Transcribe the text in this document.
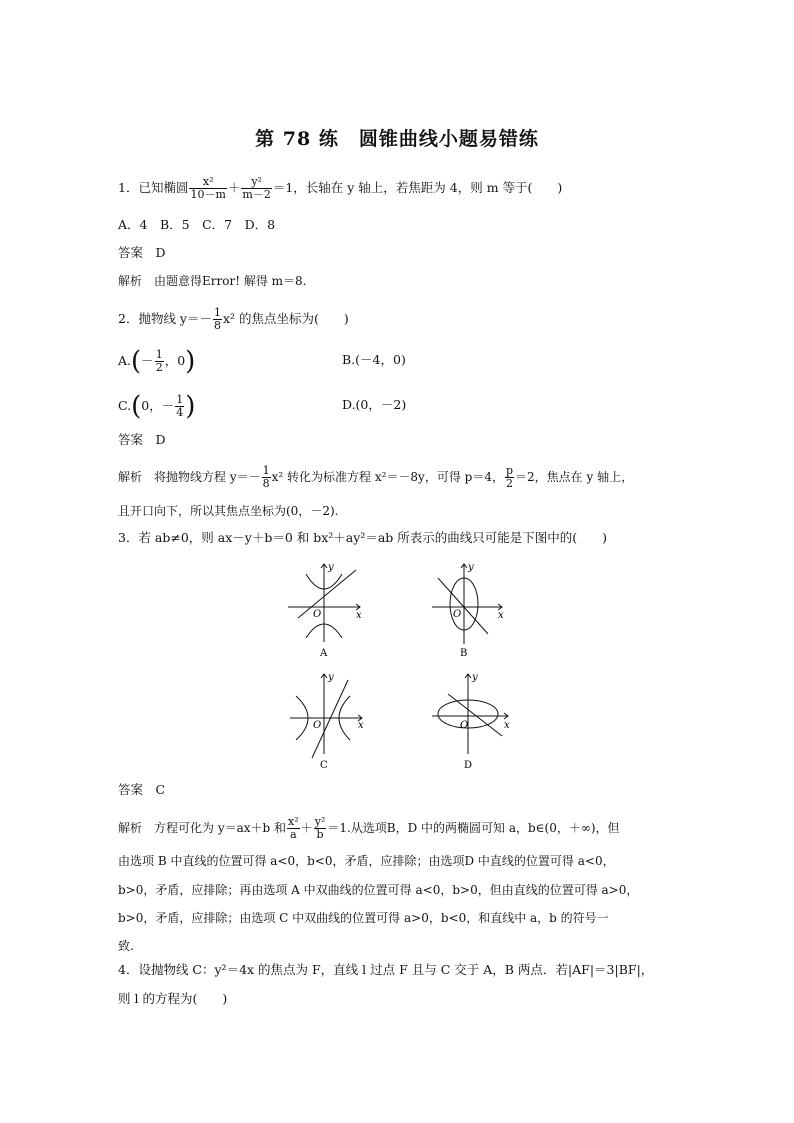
第 78 练　圆锥曲线小题易错练
1．已知椭圆 $\frac{\text{x²}}{10-m} + \frac{\text{y²}}{m-2} =1$，长轴在 y 轴上，若焦距为 4，则 m 等于(　　)
A．4　B．5　C．7　D．8
答案　 D
解析　 由题意得Error! 解得 m＝8.
2．抛物线 $y=- \frac{1}{8} x^2$ 的焦点坐标为(　　)
$A.(- \frac{1}{2}$ ，0)	B.(－4，0)
C.(0，－ $\frac{1}{4}$ )	D.(0，－2)
答案　 D
解析　 将抛物线方程 $y=- \frac{1}{8} x^2$ 转化为标准方程 x²＝－8y，可得 p＝4， $\frac{p}{2} =2$，焦点在 y 轴上，
且开口向下，所以其焦点坐标为(0，－2).
3．若 ab≠0，则 ax－y＋b＝0 和 bx²＋ay²＝ab 所表示的曲线只可能是下图中的(　　)
y
x
O
A
y
x
O
B
y
x
O
C
y
x
O
D
答案　 C
解析　 方程可化为 y＝ax＋b 和 $\frac{\text{x²}}{a} + \frac{\text{y²}}{b} =1$.从选项B，D 中的两椭圆可知 a，b∈(0，＋∞)，但
由选项 B 中直线的位置可得 a<0，b<0，矛盾，应排除；由选项D 中直线的位置可得 a<0，
b>0，矛盾，应排除；再由选项 A 中双曲线的位置可得 a<0，b>0，但由直线的位置可得 a>0，
b>0，矛盾，应排除；由选项 C 中双曲线的位置可得 a>0，b<0，和直线中 a，b 的符号一
致.
4．设抛物线 C：y²＝4x 的焦点为 F，直线 l 过点 F 且与 C 交于 A，B 两点．若|AF|＝3|BF|，
则 l 的方程为(　　)
